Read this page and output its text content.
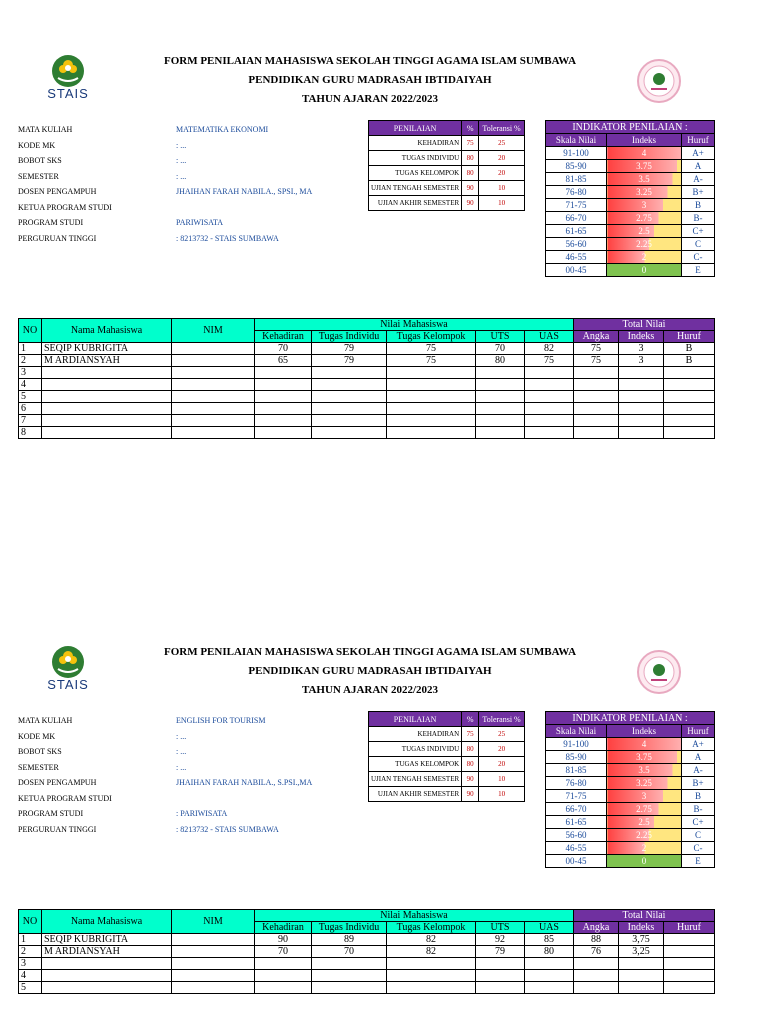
STAIS
FORM PENILAIAN MAHASISWA SEKOLAH TINGGI AGAMA ISLAM SUMBAWA
PENDIDIKAN GURU MADRASAH IBTIDAIYAH
TAHUN AJARAN 2022/2023
MATA KULIAH	MATEMATIKA EKONOMI
KODE MK	: ...
BOBOT SKS	: ...
SEMESTER	: ...
DOSEN PENGAMPUH	JHAIHAN FARAH NABILA., SPSI., MA
KETUA PROGRAM STUDI
PROGRAM STUDI	PARIWISATA
PERGURUAN TINGGI	: 8213732 - STAIS SUMBAWA
PENILAIAN	%	Toleransi %
KEHADIRAN	75	25
TUGAS INDIVIDU	80	20
TUGAS KELOMPOK	80	20
UJIAN TENGAH SEMESTER	90	10
UJIAN AKHIR SEMESTER	90	10
INDIKATOR PENILAIAN :		
Skala Nilai	Indeks	Huruf
91-100	4	A+
85-90	3.75	A
81-85	3.5	A-
76-80	3.25	B+
71-75	3	B
66-70	2.75	B-
61-65	2.5	C+
56-60	2.25	C
46-55	2	C-
00-45	0	E
NO	Nama Mahasiswa	NIM	Nilai Mahasiswa					Total Nilai		
			Kehadiran	Tugas Individu	Tugas Kelompok	UTS	UAS	Angka	Indeks	Huruf
1	SEQIP KUBRIGITA		70	79	75	70	82	75	3	B
2	M ARDIANSYAH		65	79	75	80	75	75	3	B
3										
4										
5										
6										
7										
8										
STAIS
FORM PENILAIAN MAHASISWA SEKOLAH TINGGI AGAMA ISLAM SUMBAWA
PENDIDIKAN GURU MADRASAH IBTIDAIYAH
TAHUN AJARAN 2022/2023
MATA KULIAH	ENGLISH FOR TOURISM
KODE MK	: ...
BOBOT SKS	: ...
SEMESTER	: ...
DOSEN PENGAMPUH	JHAIHAN FARAH NABILA., S.PSI.,MA
KETUA PROGRAM STUDI
PROGRAM STUDI	: PARIWISATA
PERGURUAN TINGGI	: 8213732 - STAIS SUMBAWA
PENILAIAN	%	Toleransi %
KEHADIRAN	75	25
TUGAS INDIVIDU	80	20
TUGAS KELOMPOK	80	20
UJIAN TENGAH SEMESTER	90	10
UJIAN AKHIR SEMESTER	90	10
INDIKATOR PENILAIAN :		
Skala Nilai	Indeks	Huruf
91-100	4	A+
85-90	3.75	A
81-85	3.5	A-
76-80	3.25	B+
71-75	3	B
66-70	2.75	B-
61-65	2.5	C+
56-60	2.25	C
46-55	2	C-
00-45	0	E
NO	Nama Mahasiswa	NIM	Nilai Mahasiswa					Total Nilai		
			Kehadiran	Tugas Individu	Tugas Kelompok	UTS	UAS	Angka	Indeks	Huruf
1	SEQIP KUBRIGITA		90	89	82	92	85	88	3,75	
2	M ARDIANSYAH		70	70	82	79	80	76	3,25	
3										
4										
5										
